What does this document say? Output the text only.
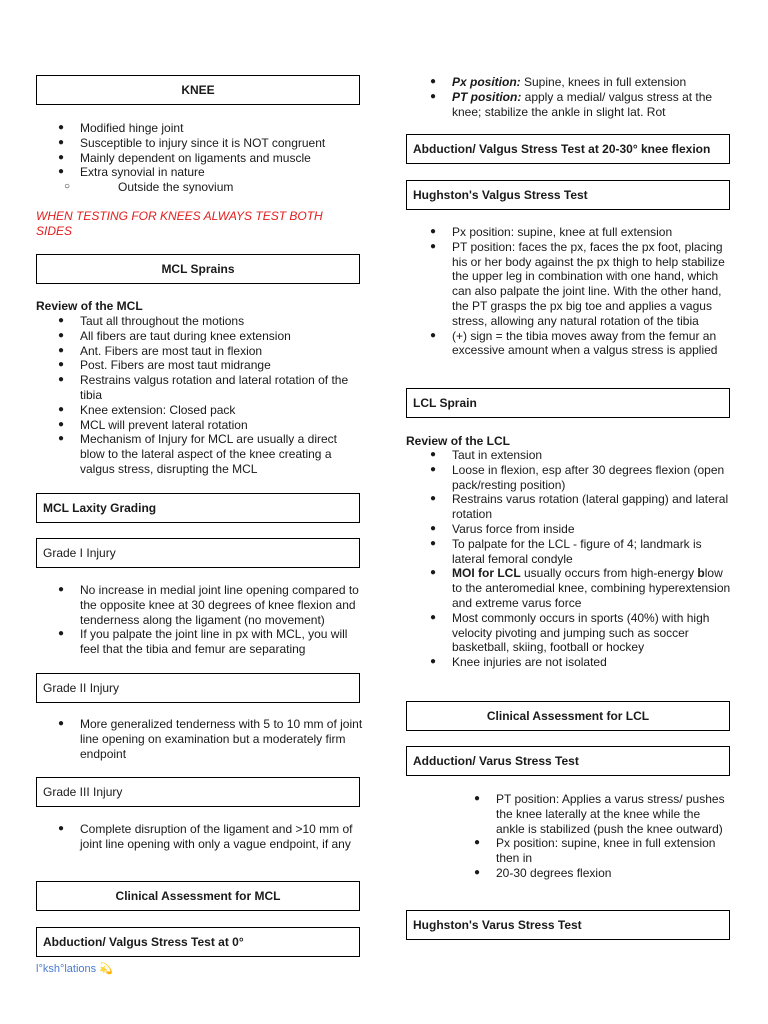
KNEE
● Modified hinge joint
● Susceptible to injury since it is NOT congruent
● Mainly dependent on ligaments and muscle
● Extra synovial in nature
○	Outside the synovium
WHEN TESTING FOR KNEES ALWAYS TEST BOTH SIDES
MCL Sprains
Review of the MCL
● Taut all throughout the motions
● All fibers are taut during knee extension
● Ant. Fibers are most taut in flexion
● Post. Fibers are most taut midrange
● Restrains valgus rotation and lateral rotation of the tibia
● Knee extension: Closed pack
● MCL will prevent lateral rotation
● Mechanism of Injury for MCL are usually a direct blow to the lateral aspect of the knee creating a valgus stress, disrupting the MCL
MCL Laxity Grading
Grade I Injury
● No increase in medial joint line opening compared to the opposite knee at 30 degrees of knee flexion and tenderness along the ligament (no movement)
● If you palpate the joint line in px with MCL, you will feel that the tibia and femur are separating
Grade II Injury
● More generalized tenderness with 5 to 10 mm of joint line opening on examination but a moderately firm endpoint
Grade III Injury
● Complete disruption of the ligament and >10 mm of joint line opening with only a vague endpoint, if any
Clinical Assessment for MCL
Abduction/ Valgus Stress Test at 0°
● Px position: Supine, knees in full extension
● PT position: apply a medial/ valgus stress at the knee; stabilize the ankle in slight lat. Rot
Abduction/ Valgus Stress Test at 20-30° knee flexion
Hughston's Valgus Stress Test
● Px position: supine, knee at full extension
● PT position: faces the px, faces the px foot, placing his or her body against the px thigh to help stabilize the upper leg in combination with one hand, which can also palpate the joint line. With the other hand, the PT grasps the px big toe and applies a vagus stress, allowing any natural rotation of the tibia
● (+) sign = the tibia moves away from the femur an excessive amount when a valgus stress is applied
LCL Sprain
Review of the LCL
● Taut in extension
● Loose in flexion, esp after 30 degrees flexion (open pack/resting position)
● Restrains varus rotation (lateral gapping) and lateral rotation
● Varus force from inside
● To palpate for the LCL - figure of 4; landmark is lateral femoral condyle
● MOI for LCL usually occurs from high-energy blow to the anteromedial knee, combining hyperextension and extreme varus force
● Most commonly occurs in sports (40%) with high velocity pivoting and jumping such as soccer basketball, skiing, football or hockey
● Knee injuries are not isolated
Clinical Assessment for LCL
Adduction/ Varus Stress Test
● PT position: Applies a varus stress/ pushes the knee laterally at the knee while the ankle is stabilized (push the knee outward)
● Px position: supine, knee in full extension then in
● 20-30 degrees flexion
Hughston's Varus Stress Test
l°ksh°lations 💫
